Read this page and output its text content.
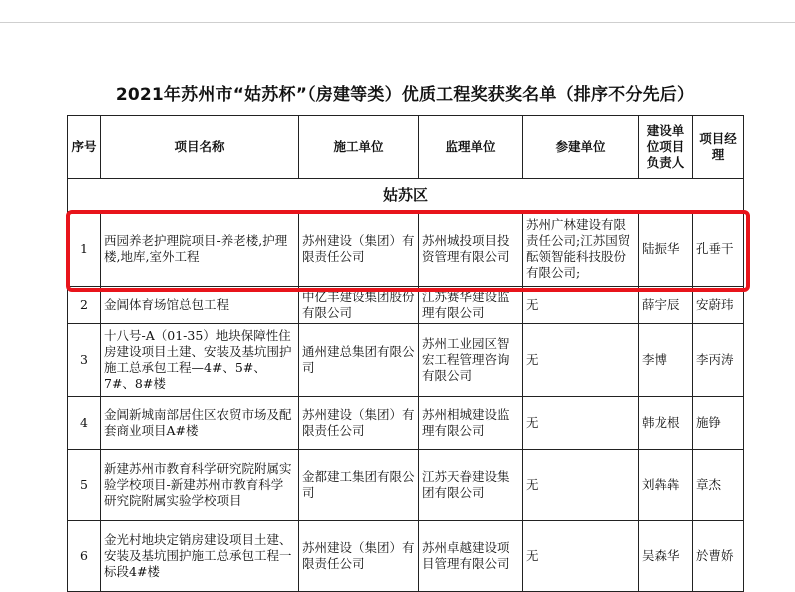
2021年苏州市“姑苏杯”（房建等类）优质工程奖获奖名单（排序不分先后）
序号	项目名称	施工单位	监理单位	参建单位	建设单位项目负责人	项目经理
姑苏区						
1	西园养老护理院项目-养老楼,护理楼,地库,室外工程	苏州建设（集团）有限责任公司	苏州城投项目投资管理有限公司	苏州广林建设有限责任公司;江苏国贸酝领智能科技股份有限公司;	陆振华	孔垂干
2	金阊体育场馆总包工程	中亿丰建设集团股份有限公司	江苏赛华建设监理有限公司	无	薛宇辰	安蔚玮
3	十八号-A（01-35）地块保障性住房建设项目土建、安装及基坑围护施工总承包工程—4#、5#、7#、8#楼	通州建总集团有限公司	苏州工业园区智宏工程管理咨询有限公司	无	李博	李丙涛
4	金阊新城南部居住区农贸市场及配套商业项目A#楼	苏州建设（集团）有限责任公司	苏州相城建设监理有限公司	无	韩龙根	施铮
5	新建苏州市教育科学研究院附属实验学校项目-新建苏州市教育科学研究院附属实验学校项目	金都建工集团有限公司	江苏天眷建设集团有限公司	无	刘犇犇	章杰
6	金光村地块定销房建设项目土建、安装及基坑围护施工总承包工程一标段4#楼	苏州建设（集团）有限责任公司	苏州卓越建设项目管理有限公司	无	吴森华	於曹娇
